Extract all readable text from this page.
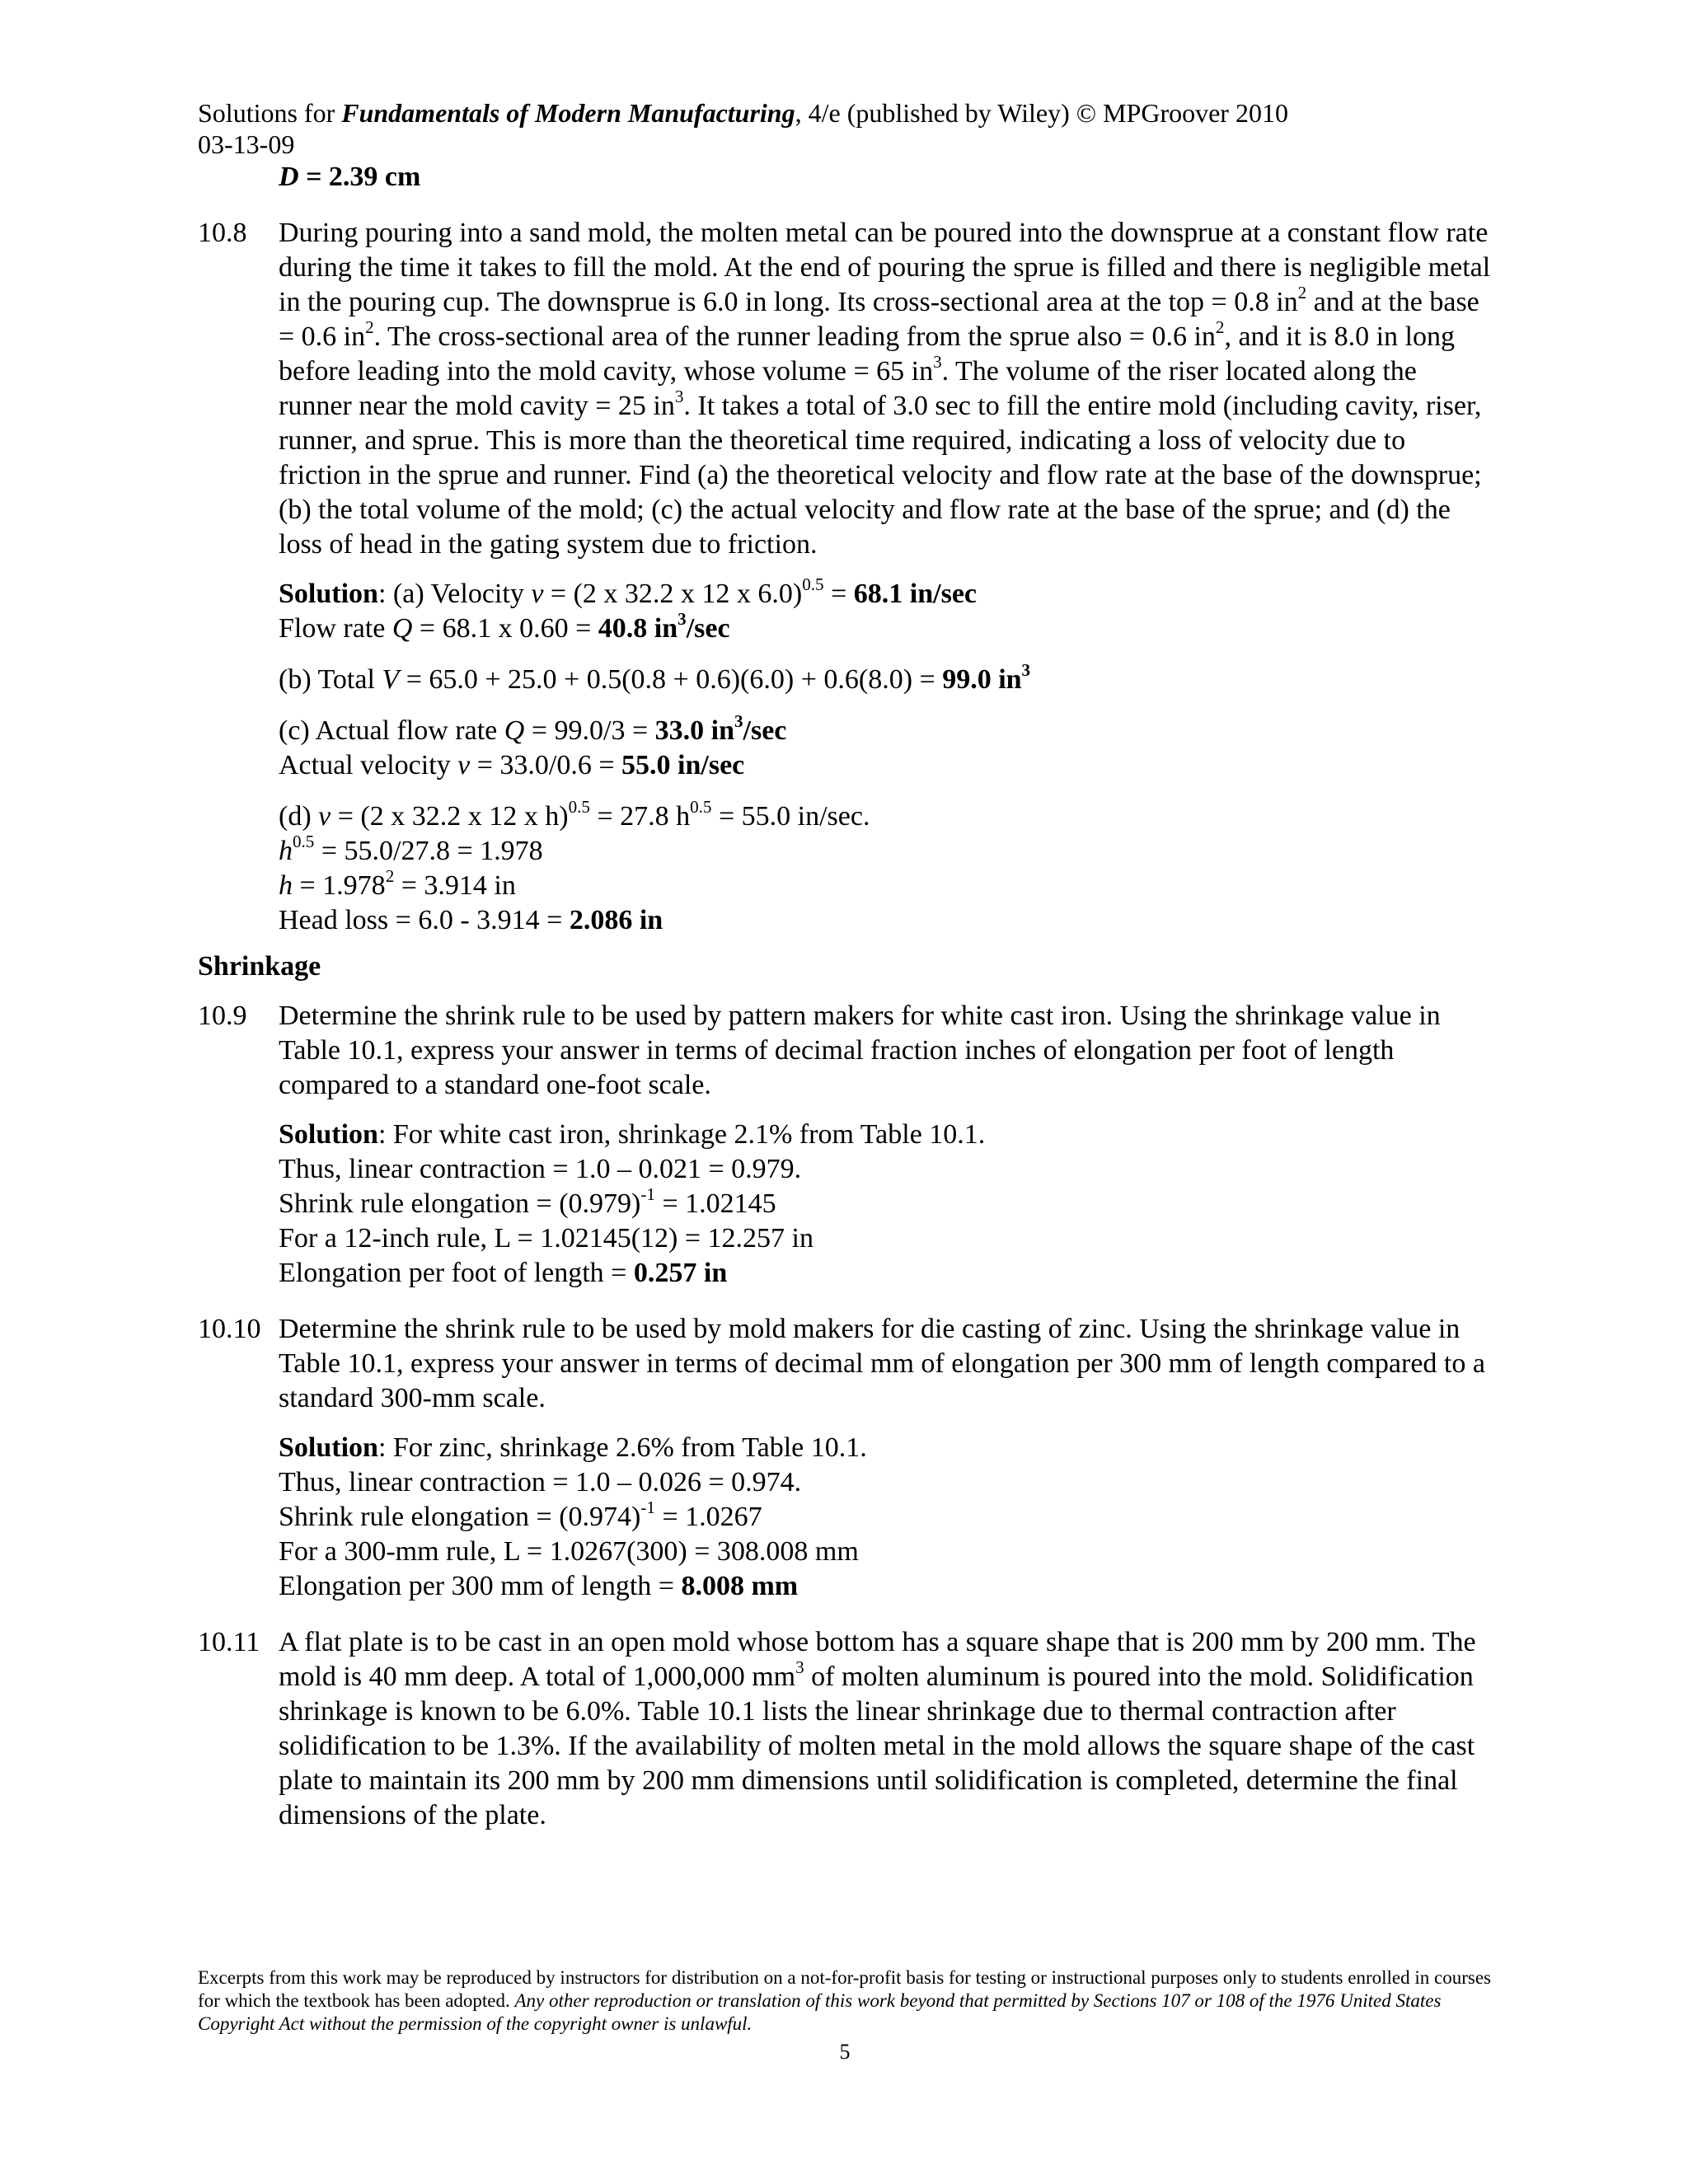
Solutions for Fundamentals of Modern Manufacturing, 4/e (published by Wiley) © MPGroover 2010
03-13-09
D = 2.39 cm
10.8	During pouring into a sand mold, the molten metal can be poured into the downsprue at a constant flow rate during the time it takes to fill the mold. At the end of pouring the sprue is filled and there is negligible metal in the pouring cup. The downsprue is 6.0 in long. Its cross-sectional area at the top = 0.8 $in^2$ and at the base = 0.6 $in^2$. The cross-sectional area of the runner leading from the sprue also = 0.6 $in^2$, and it is 8.0 in long before leading into the mold cavity, whose volume = 65 $in^3$. The volume of the riser located along the runner near the mold cavity = 25 $in^3$. It takes a total of 3.0 sec to fill the entire mold (including cavity, riser, runner, and sprue. This is more than the theoretical time required, indicating a loss of velocity due to friction in the sprue and runner. Find (a) the theoretical velocity and flow rate at the base of the downsprue; (b) the total volume of the mold; (c) the actual velocity and flow rate at the base of the sprue; and (d) the loss of head in the gating system due to friction.
Solution: (a) Velocity v = (2 x 32.2 x 12 x 6.0)$^{0.5}$ = 68.1 in/sec
Flow rate Q = 68.1 x 0.60 = 40.8 $in^3/\sec$
(b) Total V = 65.0 + 25.0 + 0.5(0.8 + 0.6)(6.0) + 0.6(8.0) = 99.0 $in^3$
(c) Actual flow rate Q = 99.0/3 = 33.0 $in^3/\sec$
Actual velocity v = 33.0/0.6 = 55.0 in/sec
(d) v = (2 x 32.2 x 12 x h)$^{0.5}$ = 27.8 $h^{0.5} = 55.0$ in/sec.
$h^{0.5} = 55.0/27.8 = 1.978$
$h = 1.978^2 = 3.914$ in
Head loss = 6.0 - 3.914 = 2.086 in
Shrinkage
10.9	Determine the shrink rule to be used by pattern makers for white cast iron. Using the shrinkage value in Table 10.1, express your answer in terms of decimal fraction inches of elongation per foot of length compared to a standard one-foot scale.
Solution: For white cast iron, shrinkage 2.1% from Table 10.1.
Thus, linear contraction = 1.0 – 0.021 = 0.979.
Shrink rule elongation = $(0.979)^{-1} = 1.02145$
For a 12-inch rule, L = 1.02145(12) = 12.257 in
Elongation per foot of length = 0.257 in
10.10 Determine the shrink rule to be used by mold makers for die casting of zinc. Using the shrinkage value in Table 10.1, express your answer in terms of decimal mm of elongation per 300 mm of length compared to a standard 300-mm scale.
Solution: For zinc, shrinkage 2.6% from Table 10.1.
Thus, linear contraction = 1.0 – 0.026 = 0.974.
Shrink rule elongation = $(0.974)^{-1} = 1.0267$
For a 300-mm rule, L = 1.0267(300) = 308.008 mm
Elongation per 300 mm of length = 8.008 mm
10.11 A flat plate is to be cast in an open mold whose bottom has a square shape that is 200 mm by 200 mm. The mold is 40 mm deep. A total of 1,000,000 $mm^3$ of molten aluminum is poured into the mold. Solidification shrinkage is known to be 6.0%. Table 10.1 lists the linear shrinkage due to thermal contraction after solidification to be 1.3%. If the availability of molten metal in the mold allows the square shape of the cast plate to maintain its 200 mm by 200 mm dimensions until solidification is completed, determine the final dimensions of the plate.
Excerpts from this work may be reproduced by instructors for distribution on a not-for-profit basis for testing or instructional purposes only to students enrolled in courses for which the textbook has been adopted. Any other reproduction or translation of this work beyond that permitted by Sections 107 or 108 of the 1976 United States Copyright Act without the permission of the copyright owner is unlawful.
5
